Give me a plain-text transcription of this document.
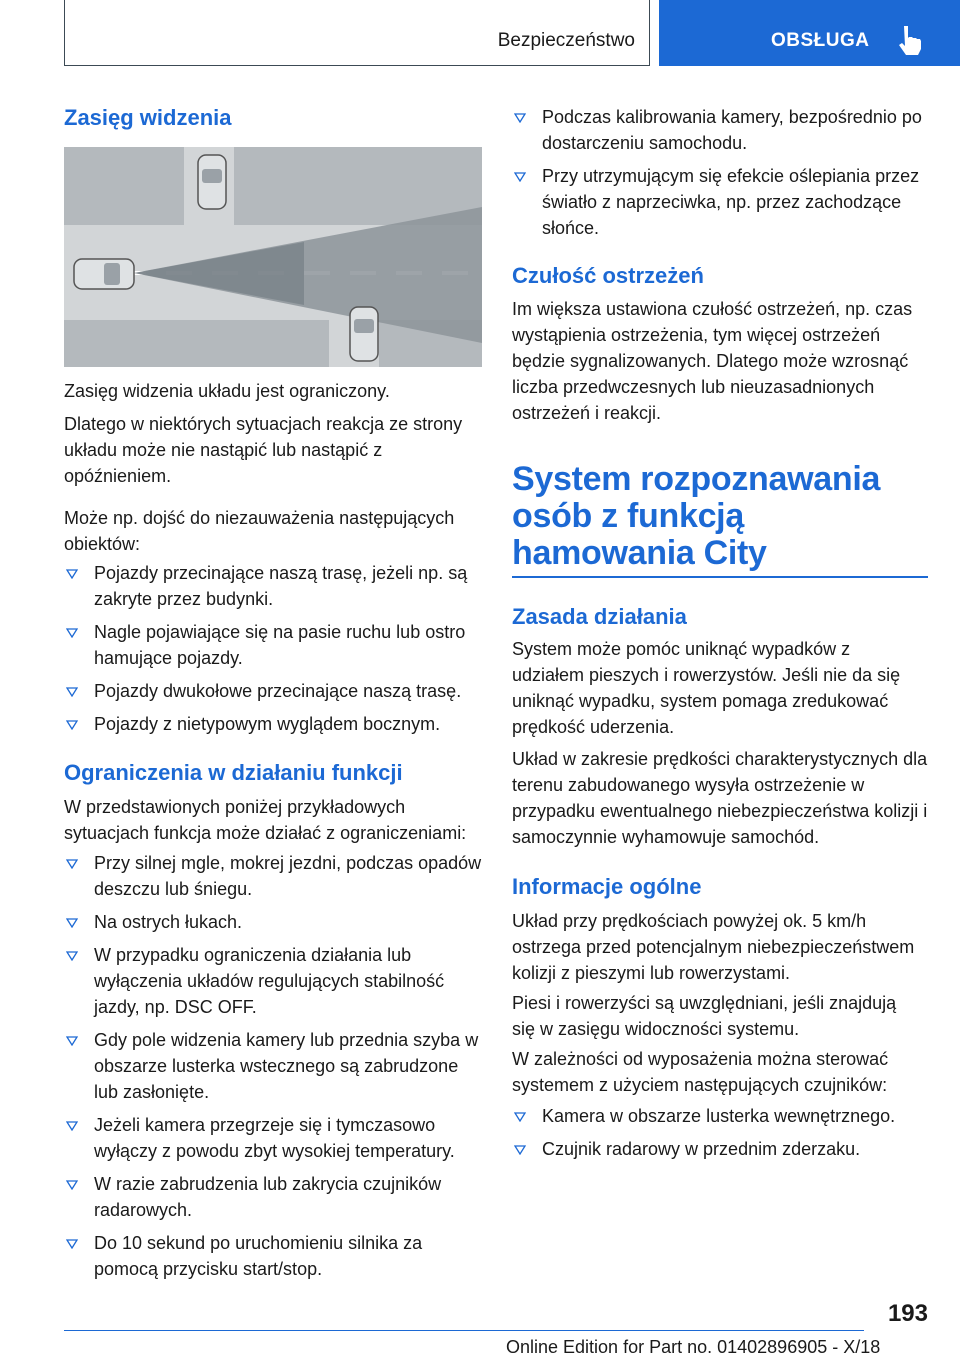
Bezpieczeństwo	OBSŁUGA
Zasięg widzenia
Zasięg widzenia układu jest ograniczony.
Dlatego w niektórych sytuacjach reakcja ze strony układu może nie nastąpić lub nastąpić z opóźnieniem.
Może np. dojść do niezauważenia następujących obiektów:
Pojazdy przecinające naszą trasę, jeżeli np. są zakryte przez budynki.
Nagle pojawiające się na pasie ruchu lub ostro hamujące pojazdy.
Pojazdy dwukołowe przecinające naszą trasę.
Pojazdy z nietypowym wyglądem bocznym.
Ograniczenia w działaniu funkcji
W przedstawionych poniżej przykładowych sytuacjach funkcja może działać z ograniczeniami:
Przy silnej mgle, mokrej jezdni, podczas opadów deszczu lub śniegu.
Na ostrych łukach.
W przypadku ograniczenia działania lub wyłączenia układów regulujących stabilność jazdy, np. DSC OFF.
Gdy pole widzenia kamery lub przednia szyba w obszarze lusterka wstecznego są zabrudzone lub zasłonięte.
Jeżeli kamera przegrzeje się i tymczasowo wyłączy z powodu zbyt wysokiej temperatury.
W razie zabrudzenia lub zakrycia czujników radarowych.
Do 10 sekund po uruchomieniu silnika za pomocą przycisku start/stop.
Podczas kalibrowania kamery, bezpośrednio po dostarczeniu samochodu.
Przy utrzymującym się efekcie oślepiania przez światło z naprzeciwka, np. przez zachodzące słońce.
Czułość ostrzeżeń
Im większa ustawiona czułość ostrzeżeń, np. czas wystąpienia ostrzeżenia, tym więcej ostrzeżeń będzie sygnalizowanych. Dlatego może wzrosnąć liczba przedwczesnych lub nieuzasadnionych ostrzeżeń i reakcji.
System rozpoznawania osób z funkcją hamowania City
Zasada działania
System może pomóc uniknąć wypadków z udziałem pieszych i rowerzystów. Jeśli nie da się uniknąć wypadku, system pomaga zredukować prędkość uderzenia.
Układ w zakresie prędkości charakterystycznych dla terenu zabudowanego wysyła ostrzeżenie w przypadku ewentualnego niebezpieczeństwa kolizji i samoczynnie wyhamowuje samochód.
Informacje ogólne
Układ przy prędkościach powyżej ok. 5 km/h ostrzega przed potencjalnym niebezpieczeństwem kolizji z pieszymi lub rowerzystami.
Piesi i rowerzyści są uwzględniani, jeśli znajdują się w zasięgu widoczności systemu.
W zależności od wyposażenia można sterować systemem z użyciem następujących czujników:
Kamera w obszarze lusterka wewnętrznego.
Czujnik radarowy w przednim zderzaku.
193
Online Edition for Part no. 01402896905 - X/18
